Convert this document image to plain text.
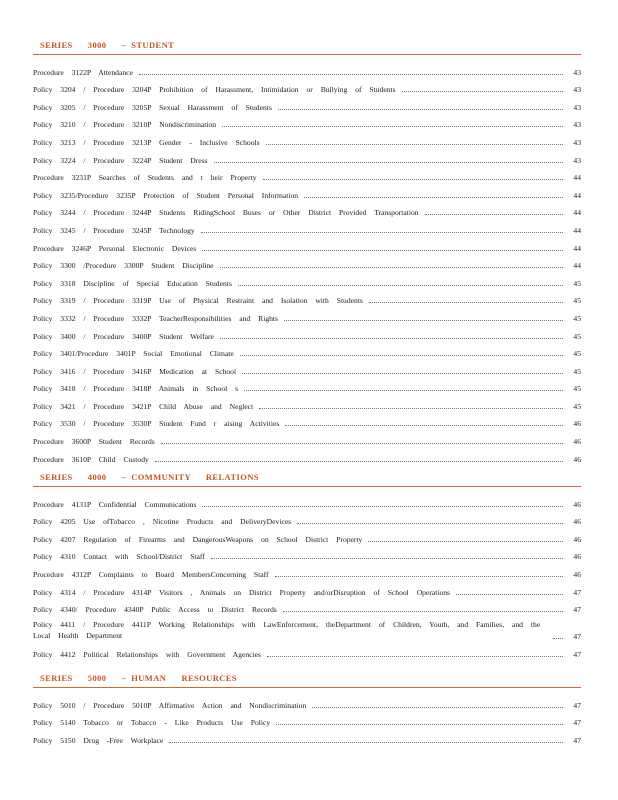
SERIES      3000      –  STUDENT
Procedure 3122P Attendance	43
Policy 3204 / Procedure 3204P Prohibition of Harassment, Intimidation or Bullying of Students	43
Policy 3205 / Procedure 3205P Sexual Harassment of Students	43
Policy 3210 / Procedure 3210P Nondiscrimination	43
Policy 3213 / Procedure 3213P Gender - Inclusive Schools	43
Policy 3224 / Procedure 3224P Student Dress	43
Procedure 3231P Searches of Students and t heir Property	44
Policy 3235/Procedure 3235P Protection of Student Personal Information	44
Policy 3244 / Procedure 3244P Students RidingSchool Buses or Other District Provided Transportation	44
Policy 3245 / Procedure 3245P Technology	44
Procedure 3246P Personal Electronic Devices	44
Policy 3300 /Procedure 3300P Student Discipline	44
Policy 3318 Discipline of Special Education Students	45
Policy 3319 / Procedure 3319P Use of Physical Restraint and Isolation with Students	45
Policy 3332 / Procedure 3332P TeacherResponsibilities and Rights	45
Policy 3400 / Procedure 3400P Student Welfare	45
Policy 3401/Procedure 3401P Social Emotional Climate	45
Policy 3416 / Procedure 3416P Medication at School	45
Policy 3418 / Procedure 3418P Animals in School s	45
Policy 3421 / Procedure 3421P Child Abuse and Neglect	45
Policy 3530 / Procedure 3530P Student Fund r aising Activities	46
Procedure 3600P Student Records	46
Procedure 3610P Child Custody	46
SERIES      4000      –  COMMUNITY      RELATIONS
Procedure 4131P Confidential Communications	46
Policy 4205 Use ofTobacco , Nicotine Products and DeliveryDevices	46
Policy 4207 Regulation of Firearms and DangerousWeapons on School District Property	46
Policy 4310 Contact with School/District Staff	46
Procedure 4312P Complaints to Board MembersConcerning Staff	46
Policy 4314 / Procedure 4314P Visitors , Animals on District Property and/orDisruption of School Operations	47
Policy 4340/ Procedure 4340P Public Access to District Records	47
Policy 4411 / Procedure 4411P Working Relationships with LawEnforcement, theDepartment of Children, Youth, and Families, and the Local Health Department	47
Policy 4412 Political Relationships with Government Agencies	47
SERIES      5000      –  HUMAN      RESOURCES
Policy 5010 / Procedure 5010P Affirmative Action and Nondiscrimination	47
Policy 5140 Tobacco or Tobacco - Like Products Use Policy	47
Policy 5150 Drug -Free Workplace	47
